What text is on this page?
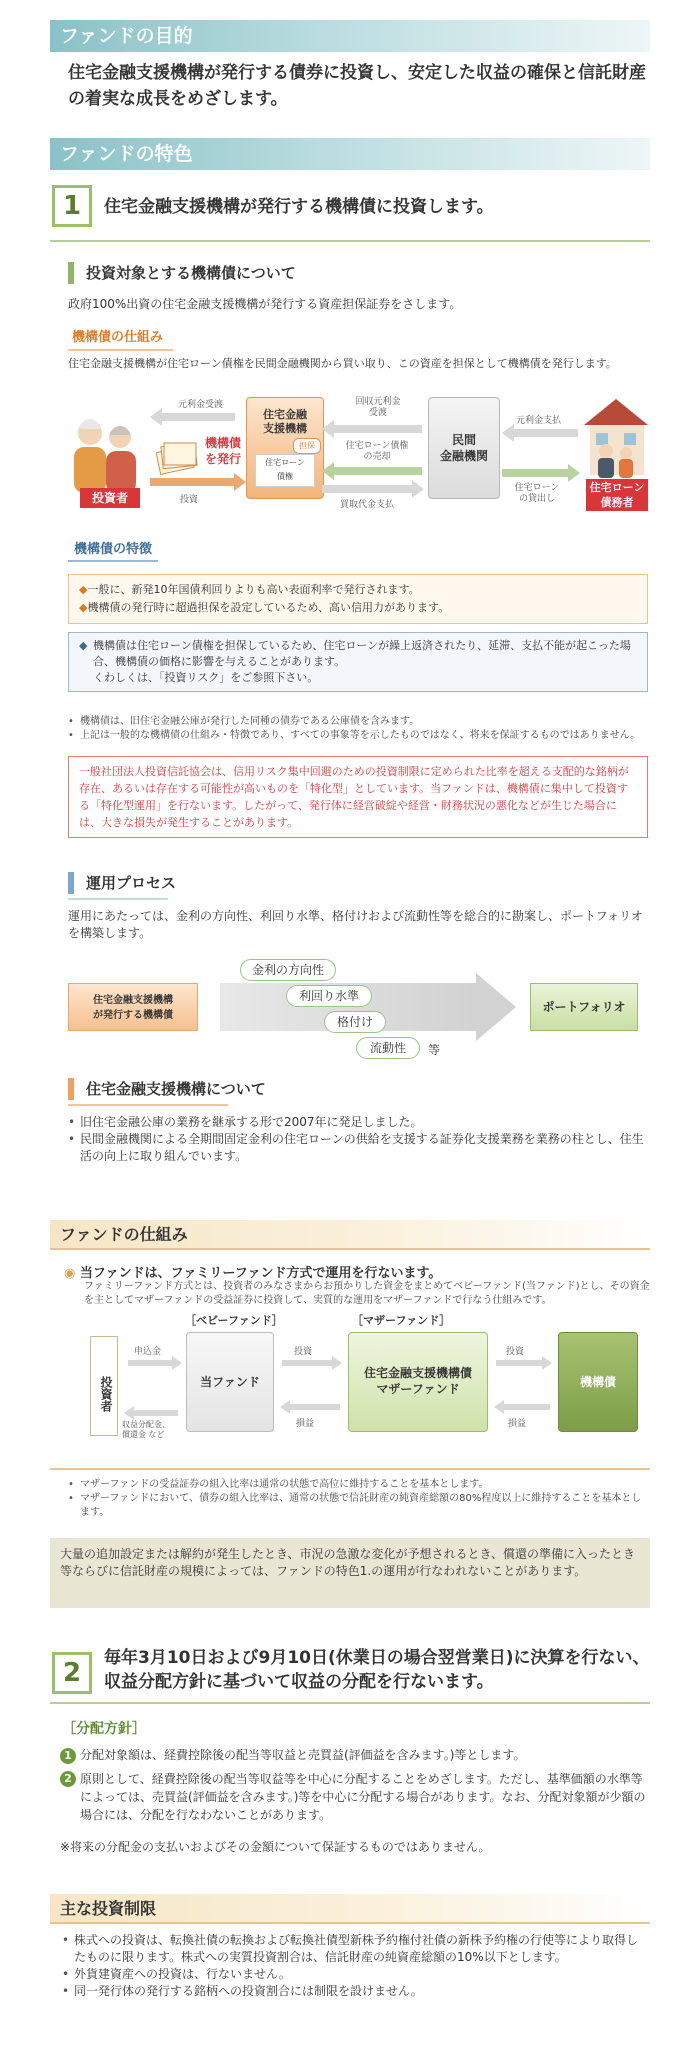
ファンドの目的
住宅金融支援機構が発行する債券に投資し、安定した収益の確保と信託財産の着実な成長をめざします。
ファンドの特色
1	住宅金融支援機構が発行する機構債に投資します。
投資対象とする機構債について
政府100%出資の住宅金融支援機構が発行する資産担保証券をさします。
機構債の仕組み
住宅金融支援機構が住宅ローン債権を民間金融機関から買い取り、この資産を担保として機構債を発行します。
投資者
機構債
を発行
元利金受渡
投資
住宅金融
支援機構
担保
住宅ローン
債権
回収元利金
受渡
住宅ローン債権
の売却
買取代金支払
民間
金融機関
元利金支払
住宅ローン
の貸出し
住宅ローン
債務者
機構債の特徴
◆一般に、新発10年国債利回りよりも高い表面利率で発行されます。
◆機構債の発行時に超過担保を設定しているため、高い信用力があります。
◆ 機構債は住宅ローン債権を担保しているため、住宅ローンが繰上返済されたり、延滞、支払不能が起こった場合、機構債の価格に影響を与えることがあります。
くわしくは、「投資リスク」をご参照下さい。
• 機構債は、旧住宅金融公庫が発行した同種の債券である公庫債を含みます。
• 上記は一般的な機構債の仕組み・特徴であり、すべての事象等を示したものではなく、将来を保証するものではありません。
一般社団法人投資信託協会は、信用リスク集中回避のための投資制限に定められた比率を超える支配的な銘柄が存在、あるいは存在する可能性が高いものを「特化型」としています。当ファンドは、機構債に集中して投資する「特化型運用」を行ないます。したがって、発行体に経営破綻や経営・財務状況の悪化などが生じた場合には、大きな損失が発生することがあります。
運用プロセス
運用にあたっては、金利の方向性、利回り水準、格付けおよび流動性等を総合的に勘案し、ポートフォリオを構築します。
住宅金融支援機構
が発行する機構債
金利の方向性
利回り水準
格付け
流動性	等
ポートフォリオ
住宅金融支援機構について
• 旧住宅金融公庫の業務を継承する形で2007年に発足しました。
• 民間金融機関による全期間固定金利の住宅ローンの供給を支援する証券化支援業務を業務の柱とし、住生活の向上に取り組んでいます。
ファンドの仕組み
◉ 当ファンドは、ファミリーファンド方式で運用を行ないます。
ファミリーファンド方式とは、投資者のみなさまからお預かりした資金をまとめてベビーファンド(当ファンド)とし、その資金を主としてマザーファンドの受益証券に投資して、実質的な運用をマザーファンドで行なう仕組みです。
［ベビーファンド］	［マザーファンド］
投資者
申込金
収益分配金、
償還金 など
当ファンド
投資
損益
住宅金融支援機構債
マザーファンド
投資
損益
機構債
• マザーファンドの受益証券の組入比率は通常の状態で高位に維持することを基本とします。
• マザーファンドにおいて、債券の組入比率は、通常の状態で信託財産の純資産総額の80%程度以上に維持することを基本とします。
大量の追加設定または解約が発生したとき、市況の急激な変化が予想されるとき、償還の準備に入ったとき等ならびに信託財産の規模によっては、ファンドの特色1.の運用が行なわれないことがあります。
2	毎年3月10日および9月10日(休業日の場合翌営業日)に決算を行ない、収益分配方針に基づいて収益の分配を行ないます。
［分配方針］
1 分配対象額は、経費控除後の配当等収益と売買益(評価益を含みます。)等とします。
2 原則として、経費控除後の配当等収益等を中心に分配することをめざします。ただし、基準価額の水準等によっては、売買益(評価益を含みます。)等を中心に分配する場合があります。なお、分配対象額が少額の場合には、分配を行なわないことがあります。
※将来の分配金の支払いおよびその金額について保証するものではありません。
主な投資制限
• 株式への投資は、転換社債の転換および転換社債型新株予約権付社債の新株予約権の行使等により取得したものに限ります。株式への実質投資割合は、信託財産の純資産総額の10%以下とします。
• 外貨建資産への投資は、行ないません。
• 同一発行体の発行する銘柄への投資割合には制限を設けません。
